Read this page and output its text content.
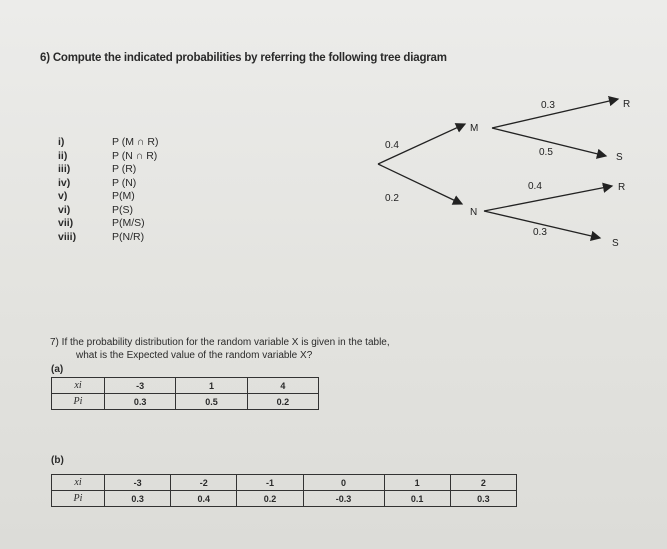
6) Compute the indicated probabilities by referring the following tree diagram
i)	P (M ∩ R)
ii)	P (N ∩ R)
iii)	P (R)
iv)	P (N)
v)	P(M)
vi)	P(S)
vii)	P(M/S)
viii)	P(N/R)
0.4
0.2
M
N
0.3
0.5
0.4
0.3
R
S
R
S
7) If the probability distribution for the random variable X is given in the table,
what is the Expected value of the random variable X?
(a)
xi	-3	1	4
Pi	0.3	0.5	0.2
(b)
xi	-3	-2	-1	0	1	2
Pi	0.3	0.4	0.2	-0.3	0.1	0.3
